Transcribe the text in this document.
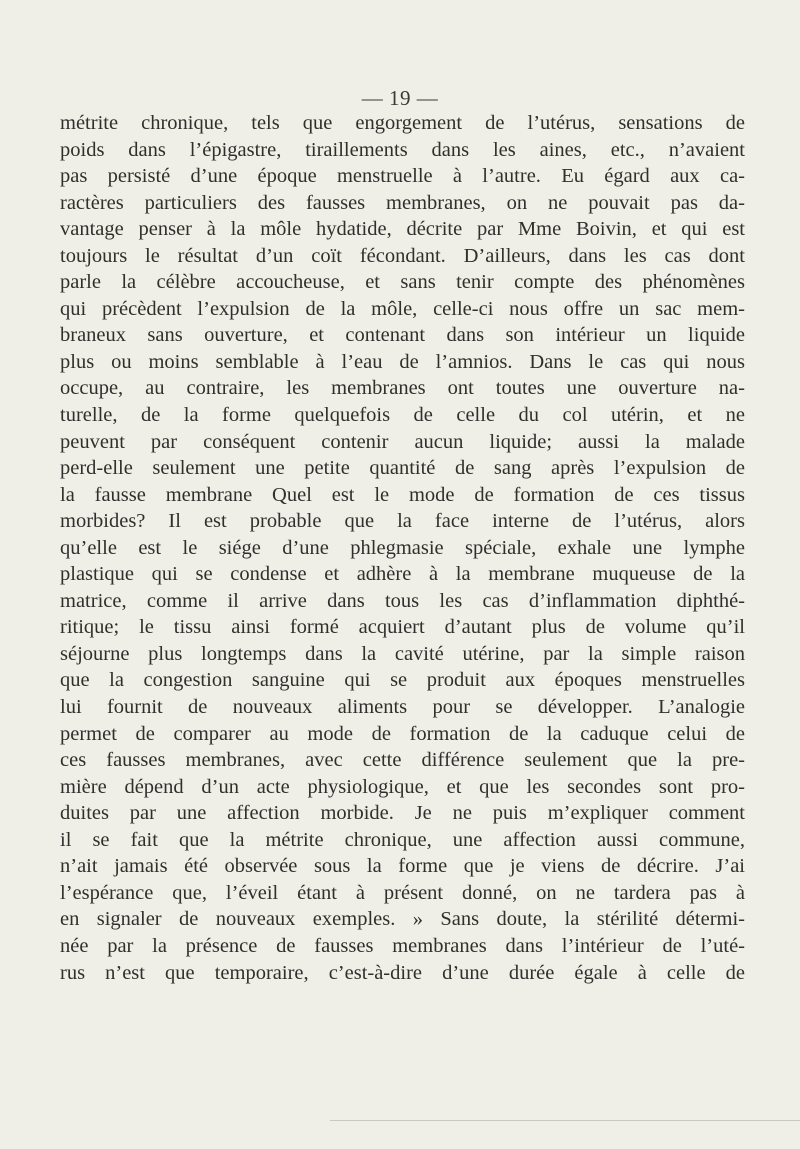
— 19 —
métrite chronique, tels que engorgement de l’utérus, sensations de
poids dans l’épigastre, tiraillements dans les aines, etc., n’avaient
pas persisté d’une époque menstruelle à l’autre. Eu égard aux ca-
ractères particuliers des fausses membranes, on ne pouvait pas da-
vantage penser à la môle hydatide, décrite par Mme Boivin, et qui est
toujours le résultat d’un coït fécondant. D’ailleurs, dans les cas dont
parle la célèbre accoucheuse, et sans tenir compte des phénomènes
qui précèdent l’expulsion de la môle, celle-ci nous offre un sac mem-
braneux sans ouverture, et contenant dans son intérieur un liquide
plus ou moins semblable à l’eau de l’amnios. Dans le cas qui nous
occupe, au contraire, les membranes ont toutes une ouverture na-
turelle, de la forme quelquefois de celle du col utérin, et ne
peuvent par conséquent contenir aucun liquide; aussi la malade
perd-elle seulement une petite quantité de sang après l’expulsion de
la fausse membrane Quel est le mode de formation de ces tissus
morbides? Il est probable que la face interne de l’utérus, alors
qu’elle est le siége d’une phlegmasie spéciale, exhale une lymphe
plastique qui se condense et adhère à la membrane muqueuse de la
matrice, comme il arrive dans tous les cas d’inflammation diphthé-
ritique; le tissu ainsi formé acquiert d’autant plus de volume qu’il
séjourne plus longtemps dans la cavité utérine, par la simple raison
que la congestion sanguine qui se produit aux époques menstruelles
lui fournit de nouveaux aliments pour se développer. L’analogie
permet de comparer au mode de formation de la caduque celui de
ces fausses membranes, avec cette différence seulement que la pre-
mière dépend d’un acte physiologique, et que les secondes sont pro-
duites par une affection morbide. Je ne puis m’expliquer comment
il se fait que la métrite chronique, une affection aussi commune,
n’ait jamais été observée sous la forme que je viens de décrire. J’ai
l’espérance que, l’éveil étant à présent donné, on ne tardera pas à
en signaler de nouveaux exemples. » Sans doute, la stérilité détermi-
née par la présence de fausses membranes dans l’intérieur de l’uté-
rus n’est que temporaire, c’est-à-dire d’une durée égale à celle de
